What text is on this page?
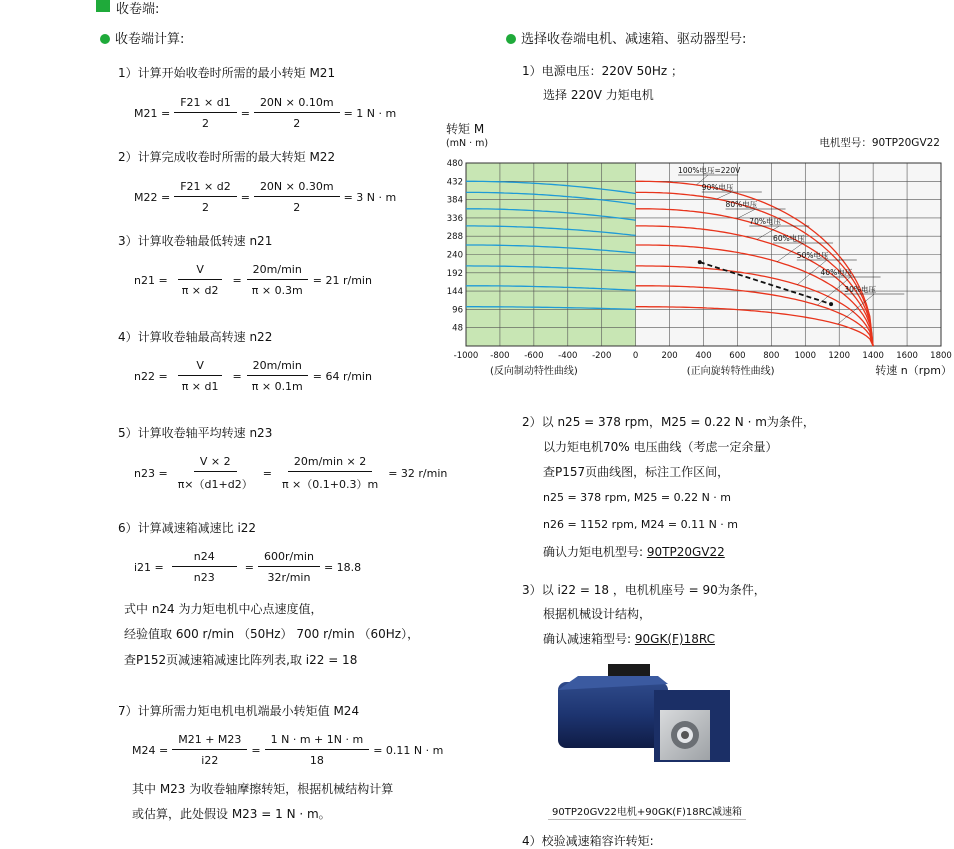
收卷端:
收卷端计算:
1）计算开始收卷时所需的最小转矩 M21
$M21 = \frac{F21 \times d1}{2} = \frac{20N \times 0.10m}{2} = 1$ N · m
2）计算完成收卷时所需的最大转矩 M22
$M22 = \frac{F21 \times d2}{2} = \frac{20N \times 0.30m}{2} = 3$ N · m
3）计算收卷轴最低转速 n21
$n21 = \frac{V}{\pi \times d2}$ =
20m/min
π × 0.3m
= 21 r/min
4）计算收卷轴最高转速 n22
$n22 = \frac{V}{\pi \times d1}$ =
20m/min
π × 0.1m
= 64 r/min
5）计算收卷轴平均转速 n23
$n23 = \frac{V \times 2}{\pi\times(d1+d2)}$ =
20m/min × 2
π ×（0.1+0.3）m
= 32 r/min
6）计算减速箱减速比 i22
$i21 = \frac{n24}{n23}$ =
600r/min
32r/min
= 18.8
式中 n24 为力矩电机中心点速度值，
经验值取 600 r/min （50Hz） 700 r/min （60Hz），
查P152页减速箱减速比阵列表,取 i22 = 18
7）计算所需力矩电机电机端最小转矩值 M24
$M24 = \frac{M21 + M23}{i22} = \frac{1 N \cdot m + 1N \cdot m}{18} = 0.11$ N · m
其中 M23 为收卷轴摩擦转矩，根据机械结构计算
或估算，此处假设 M23 = 1 N · m。
选择收卷端电机、减速箱、驱动器型号:
1）电源电压：220V 50Hz ；
选择 220V 力矩电机
-1000 -800 -600 -400 -200	0	200 400 600 800 1000 1200 1400 1600 1800
480
432
384
336
288
240
192
144
96
48
转矩 M
(mN · m)	电机型号：90TP20GV22
(反向制动特性曲线)	(正向旋转特性曲线)	转速 n（rpm）
100%电压=220V
90%电压
80%电压
70%电压
60%电压
50%电压
40%电压
30%电压
2）以 n25 = 378 rpm，M25 = 0.22 N · m为条件，
以力矩电机70% 电压曲线（考虑一定余量）
查P157页曲线图，标注工作区间，
n25 = 378 rpm, M25 = 0.22 N · m
n26 = 1152 rpm, M24 = 0.11 N · m
确认力矩电机型号: 90TP20GV22
3）以 i22 = 18 ，电机机座号 = 90为条件，
根据机械设计结构，
确认减速箱型号: 90GK(F)18RC
90TP20GV22电机+90GK(F)18RC减速箱
4）校验减速箱容许转矩:
